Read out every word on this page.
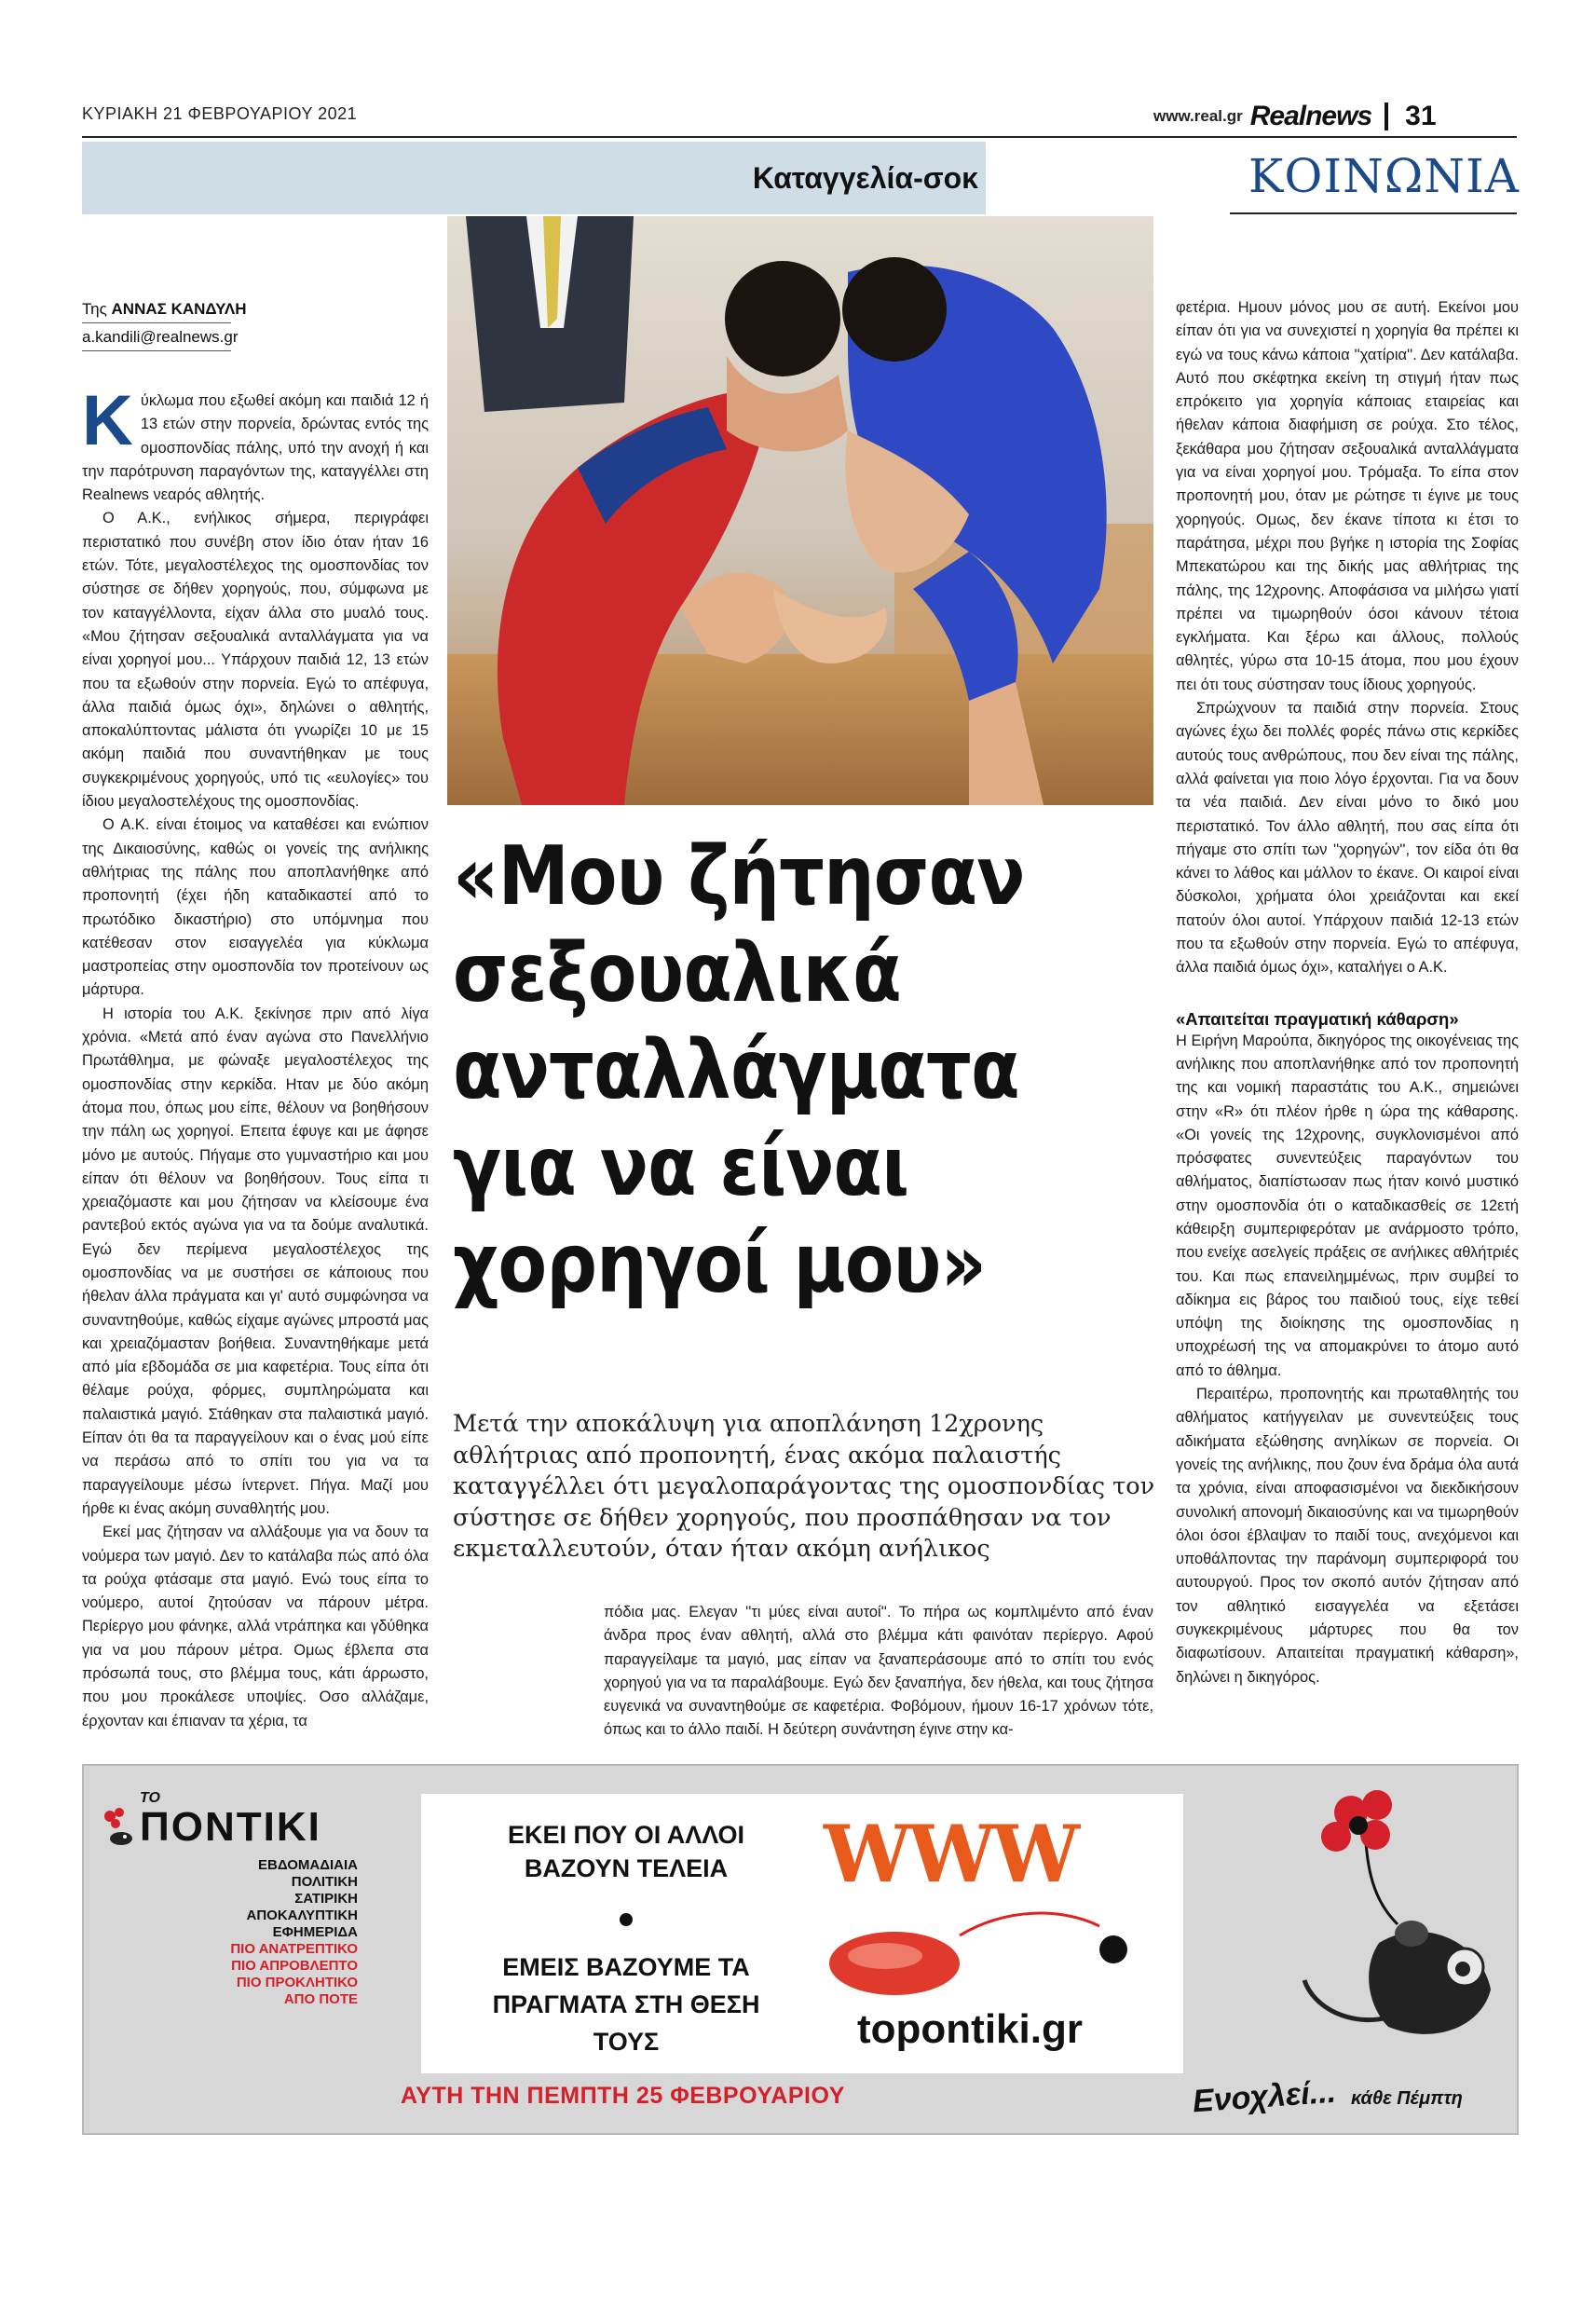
ΚΥΡΙΑΚΗ 21 ΦΕΒΡΟΥΑΡΙΟΥ 2021	www.real.gr Realnews 31
Καταγγελία-σοκ	ΚΟΙΝΩΝΙΑ
Της ΑΝΝΑΣ ΚΑΝΔΥΛΗ
a.kandili@realnews.gr

Κύκλωμα που εξωθεί ακόμη και παιδιά 12 ή 13 ετών στην πορνεία, δρώντας εντός της ομοσπονδίας πάλης, υπό την ανοχή ή και την παρότρυνση παραγόντων της, καταγγέλλει στη Realnews νεαρός αθλητής.

Ο Α.Κ., ενήλικος σήμερα, περιγράφει περιστατικό που συνέβη στον ίδιο όταν ήταν 16 ετών. Τότε, μεγαλοστέλεχος της ομοσπονδίας τον σύστησε σε δήθεν χορηγούς, που, σύμφωνα με τον καταγγέλλοντα, είχαν άλλα στο μυαλό τους. «Μου ζήτησαν σεξουαλικά ανταλλάγματα για να είναι χορηγοί μου... Υπάρχουν παιδιά 12, 13 ετών που τα εξωθούν στην πορνεία. Εγώ το απέφυγα, άλλα παιδιά όμως όχι», δηλώνει ο αθλητής, αποκαλύπτοντας μάλιστα ότι γνωρίζει 10 με 15 ακόμη παιδιά που συναντήθηκαν με τους συγκεκριμένους χορηγούς, υπό τις «ευλογίες» του ίδιου μεγαλοστελέχους της ομοσπονδίας.

Ο Α.Κ. είναι έτοιμος να καταθέσει και ενώπιον της Δικαιοσύνης, καθώς οι γονείς της ανήλικης αθλήτριας της πάλης που αποπλανήθηκε από προπονητή (έχει ήδη καταδικαστεί από το πρωτόδικο δικαστήριο) στο υπόμνημα που κατέθεσαν στον εισαγγελέα για κύκλωμα μαστροπείας στην ομοσπονδία τον προτείνουν ως μάρτυρα.

Η ιστορία του Α.Κ. ξεκίνησε πριν από λίγα χρόνια. «Μετά από έναν αγώνα στο Πανελλήνιο Πρωτάθλημα, με φώναξε μεγαλοστέλεχος της ομοσπονδίας στην κερκίδα. Ηταν με δύο ακόμη άτομα που, όπως μου είπε, θέλουν να βοηθήσουν την πάλη ως χορηγοί. Επειτα έφυγε και με άφησε μόνο με αυτούς. Πήγαμε στο γυμναστήριο και μου είπαν ότι θέλουν να βοηθήσουν. Τους είπα τι χρειαζόμαστε και μου ζήτησαν να κλείσουμε ένα ραντεβού εκτός αγώνα για να τα δούμε αναλυτικά. Εγώ δεν περίμενα μεγαλοστέλεχος της ομοσπονδίας να με συστήσει σε κάποιους που ήθελαν άλλα πράγματα και γι' αυτό συμφώνησα να συναντηθούμε, καθώς είχαμε αγώνες μπροστά μας και χρειαζόμασταν βοήθεια. Συναντηθήκαμε μετά από μία εβδομάδα σε μια καφετέρια. Τους είπα ότι θέλαμε ρούχα, φόρμες, συμπληρώματα και παλαιστικά μαγιό. Στάθηκαν στα παλαιστικά μαγιό. Είπαν ότι θα τα παραγγείλουν και ο ένας μού είπε να περάσω από το σπίτι του για να τα παραγγείλουμε μέσω ίντερνετ. Πήγα. Μαζί μου ήρθε κι ένας ακόμη συναθλητής μου.

Εκεί μας ζήτησαν να αλλάξουμε για να δουν τα νούμερα των μαγιό. Δεν το κατάλαβα πώς από όλα τα ρούχα φτάσαμε στα μαγιό. Ενώ τους είπα το νούμερο, αυτοί ζητούσαν να πάρουν μέτρα. Περίεργο μου φάνηκε, αλλά ντράπηκα και γδύθηκα για να μου πάρουν μέτρα. Ομως έβλεπα στα πρόσωπά τους, στο βλέμμα τους, κάτι άρρωστο, που μου προκάλεσε υποψίες. Οσο αλλάζαμε, έρχονταν και έπιαναν τα χέρια, τα

«Μου ζήτησαν σεξουαλικά ανταλλάγματα για να είναι χορηγοί μου»
Μετά την αποκάλυψη για αποπλάνηση 12χρονης αθλήτριας από προπονητή, ένας ακόμα παλαιστής καταγγέλλει ότι μεγαλοπαράγοντας της ομοσπονδίας τον σύστησε σε δήθεν χορηγούς, που προσπάθησαν να τον εκμεταλλευτούν, όταν ήταν ακόμη ανήλικος

πόδια μας. Ελεγαν ''τι μύες είναι αυτοί''. Το πήρα ως κομπλιμέντο από έναν άνδρα προς έναν αθλητή, αλλά στο βλέμμα κάτι φαινόταν περίεργο. Αφού παραγγείλαμε τα μαγιό, μας είπαν να ξαναπεράσουμε από το σπίτι του ενός χορηγού για να τα παραλάβουμε. Εγώ δεν ξαναπήγα, δεν ήθελα, και τους ζήτησα ευγενικά να συναντηθούμε σε καφετέρια. Φοβόμουν, ήμουν 16-17 χρόνων τότε, όπως και το άλλο παιδί. Η δεύτερη συνάντηση έγινε στην κα-

φετέρια. Ημουν μόνος μου σε αυτή. Εκείνοι μου είπαν ότι για να συνεχιστεί η χορηγία θα πρέπει κι εγώ να τους κάνω κάποια ''χατίρια''. Δεν κατάλαβα. Αυτό που σκέφτηκα εκείνη τη στιγμή ήταν πως επρόκειτο για χορηγία κάποιας εταιρείας και ήθελαν κάποια διαφήμιση σε ρούχα. Στο τέλος, ξεκάθαρα μου ζήτησαν σεξουαλικά ανταλλάγματα για να είναι χορηγοί μου. Τρόμαξα. Το είπα στον προπονητή μου, όταν με ρώτησε τι έγινε με τους χορηγούς. Ομως, δεν έκανε τίποτα κι έτσι το παράτησα, μέχρι που βγήκε η ιστορία της Σοφίας Μπεκατώρου και της δικής μας αθλήτριας της πάλης, της 12χρονης. Αποφάσισα να μιλήσω γιατί πρέπει να τιμωρηθούν όσοι κάνουν τέτοια εγκλήματα. Και ξέρω και άλλους, πολλούς αθλητές, γύρω στα 10-15 άτομα, που μου έχουν πει ότι τους σύστησαν τους ίδιους χορηγούς.

Σπρώχνουν τα παιδιά στην πορνεία. Στους αγώνες έχω δει πολλές φορές πάνω στις κερκίδες αυτούς τους ανθρώπους, που δεν είναι της πάλης, αλλά φαίνεται για ποιο λόγο έρχονται. Για να δουν τα νέα παιδιά. Δεν είναι μόνο το δικό μου περιστατικό. Τον άλλο αθλητή, που σας είπα ότι πήγαμε στο σπίτι των ''χορηγών'', τον είδα ότι θα κάνει το λάθος και μάλλον το έκανε. Οι καιροί είναι δύσκολοι, χρήματα όλοι χρειάζονται και εκεί πατούν όλοι αυτοί. Υπάρχουν παιδιά 12-13 ετών που τα εξωθούν στην πορνεία. Εγώ το απέφυγα, άλλα παιδιά όμως όχι», καταλήγει ο Α.Κ.

«Απαιτείται πραγματική κάθαρση»

Η Ειρήνη Μαρούπα, δικηγόρος της οικογένειας της ανήλικης που αποπλανήθηκε από τον προπονητή της και νομική παραστάτις του Α.Κ., σημειώνει στην «R» ότι πλέον ήρθε η ώρα της κάθαρσης. «Οι γονείς της 12χρονης, συγκλονισμένοι από πρόσφατες συνεντεύξεις παραγόντων του αθλήματος, διαπίστωσαν πως ήταν κοινό μυστικό στην ομοσπονδία ότι ο καταδικασθείς σε 12ετή κάθειρξη συμπεριφερόταν με ανάρμοστο τρόπο, που ενείχε ασελγείς πράξεις σε ανήλικες αθλήτριές του. Και πως επανειλημμένως, πριν συμβεί το αδίκημα εις βάρος του παιδιού τους, είχε τεθεί υπόψη της διοίκησης της ομοσπονδίας η υποχρέωσή της να απομακρύνει το άτομο αυτό από το άθλημα.

Περαιτέρω, προπονητής και πρωταθλητής του αθλήματος κατήγγειλαν με συνεντεύξεις τους αδικήματα εξώθησης ανηλίκων σε πορνεία. Οι γονείς της ανήλικης, που ζουν ένα δράμα όλα αυτά τα χρόνια, είναι αποφασισμένοι να διεκδικήσουν συνολική απονομή δικαιοσύνης και να τιμωρηθούν όλοι όσοι έβλαψαν το παιδί τους, ανεχόμενοι και υποθάλποντας την παράνομη συμπεριφορά του αυτουργού. Προς τον σκοπό αυτόν ζήτησαν από τον αθλητικό εισαγγελέα να εξετάσει συγκεκριμένους μάρτυρες που θα τον διαφωτίσουν. Απαιτείται πραγματική κάθαρση», δηλώνει η δικηγόρος.

ΤΟ
ΠΟΝΤΙΚΙ
ΕΒΔΟΜΑΔΙΑΙΑ
ΠΟΛΙΤΙΚΗ
ΣΑΤΙΡΙΚΗ
ΑΠΟΚΑΛΥΠΤΙΚΗ
ΕΦΗΜΕΡΙΔΑ
ΠΙΟ ΑΝΑΤΡΕΠΤΙΚΟ
ΠΙΟ ΑΠΡΟΒΛΕΠΤΟ
ΠΙΟ ΠΡΟΚΛΗΤΙΚΟ
ΑΠΟ ΠΟΤΕ
ΕΚΕΙ ΠΟΥ ΟΙ ΑΛΛΟΙ ΒΑΖΟΥΝ ΤΕΛΕΙΑ
ΕΜΕΙΣ ΒΑΖΟΥΜΕ ΤΑ ΠΡΑΓΜΑΤΑ ΣΤΗ ΘΕΣΗ ΤΟΥΣ
WWW
topontiki.gr
ΑΥΤΗ ΤΗΝ ΠΕΜΠΤΗ 25 ΦΕΒΡΟΥΑΡΙΟΥ	Ενοχλεί... κάθε Πέμπτη
